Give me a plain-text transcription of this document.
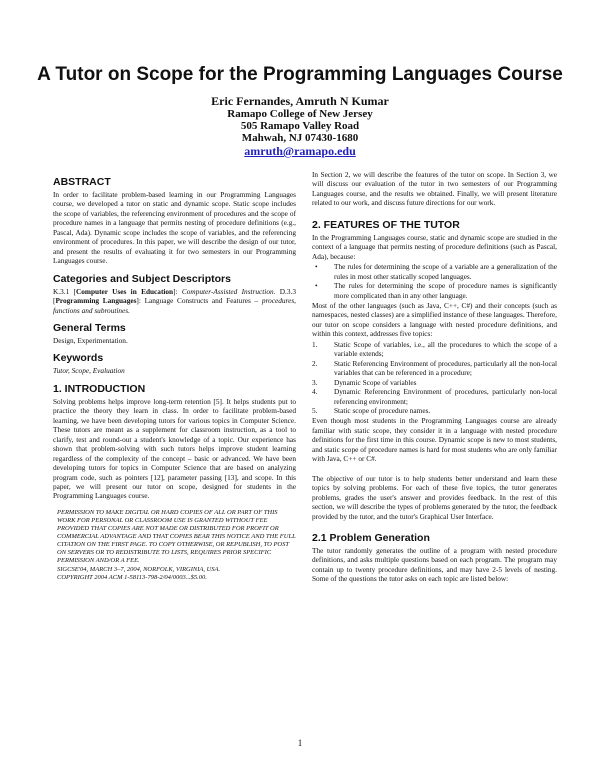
A Tutor on Scope for the Programming Languages Course
Eric Fernandes, Amruth N Kumar
Ramapo College of New Jersey
505 Ramapo Valley Road
Mahwah, NJ 07430-1680
amruth@ramapo.edu
ABSTRACT

In order to facilitate problem-based learning in our Programming Languages course, we developed a tutor on static and dynamic scope. Static scope includes the scope of variables, the referencing environment of procedures and the scope of procedure names in a language that permits nesting of procedure definitions (e.g., Pascal, Ada). Dynamic scope includes the scope of variables, and the referencing environment of procedures. In this paper, we will describe the design of our tutor, and present the results of evaluating it for two semesters in our Programming Languages course.

Categories and Subject Descriptors

K.3.1 [Computer Uses in Education]: Computer-Assisted Instruction. D.3.3 [Programming Languages]: Language Constructs and Features – procedures, functions and subroutines.

General Terms

Design, Experimentation.

Keywords

Tutor, Scope, Evaluation

1. INTRODUCTION

Solving problems helps improve long-term retention [5]. It helps students put to practice the theory they learn in class. In order to facilitate problem-based learning, we have been developing tutors for various topics in Computer Science. These tutors are meant as a supplement for classroom instruction, as a tool to clarify, test and round-out a student's knowledge of a topic. Our experience has shown that problem-solving with such tutors helps improve student learning regardless of the complexity of the concept – basic or advanced. We have been developing tutors for topics in Computer Science that are based on analyzing program code, such as pointers [12], parameter passing [13], and scope. In this paper, we will present our tutor on scope, designed for students in the Programming Languages course.

PERMISSION TO MAKE DIGITAL OR HARD COPIES OF ALL OR PART OF THIS WORK FOR PERSONAL OR CLASSROOM USE IS GRANTED WITHOUT FEE PROVIDED THAT COPIES ARE NOT MADE OR DISTRIBUTED FOR PROFIT OR COMMERCIAL ADVANTAGE AND THAT COPIES BEAR THIS NOTICE AND THE FULL CITATION ON THE FIRST PAGE. TO COPY OTHERWISE, OR REPUBLISH, TO POST ON SERVERS OR TO REDISTRIBUTE TO LISTS, REQUIRES PRIOR SPECIFIC PERMISSION AND/OR A FEE.
SIGCSE'04, MARCH 3–7, 2004, NORFOLK, VIRGINIA, USA.
COPYRIGHT 2004 ACM 1-58113-798-2/04/0003...$5.00.

In Section 2, we will describe the features of the tutor on scope. In Section 3, we will discuss our evaluation of the tutor in two semesters of our Programming Languages course, and the results we obtained. Finally, we will present literature related to our work, and discuss future directions for our work.

2. FEATURES OF THE TUTOR

In the Programming Languages course, static and dynamic scope are studied in the context of a language that permits nesting of procedure definitions (such as Pascal, Ada), because:

• The rules for determining the scope of a variable are a generalization of the rules in most other statically scoped languages.
• The rules for determining the scope of procedure names is significantly more complicated than in any other language.

Most of the other languages (such as Java, C++, C#) and their concepts (such as namespaces, nested classes) are a simplified instance of these languages. Therefore, our tutor on scope considers a language with nested procedure definitions, and within this context, addresses five topics:

1. Static Scope of variables, i.e., all the procedures to which the scope of a variable extends;
2. Static Referencing Environment of procedures, particularly all the non-local variables that can be referenced in a procedure;
3. Dynamic Scope of variables
4. Dynamic Referencing Environment of procedures, particularly non-local referencing environment;
5. Static scope of procedure names.

Even though most students in the Programming Languages course are already familiar with static scope, they consider it in a language with nested procedure definitions for the first time in this course. Dynamic scope is new to most students, and static scope of procedure names is hard for most students who are only familiar with Java, C++ or C#.

The objective of our tutor is to help students better understand and learn these topics by solving problems. For each of these five topics, the tutor generates problems, grades the user's answer and provides feedback. In the rest of this section, we will describe the types of problems generated by the tutor, the feedback provided by the tutor, and the tutor's Graphical User Interface.

2.1 Problem Generation

The tutor randomly generates the outline of a program with nested procedure definitions, and asks multiple questions based on each program. The program may contain up to twenty procedure definitions, and may have 2-5 levels of nesting. Some of the questions the tutor asks on each topic are listed below:

1
